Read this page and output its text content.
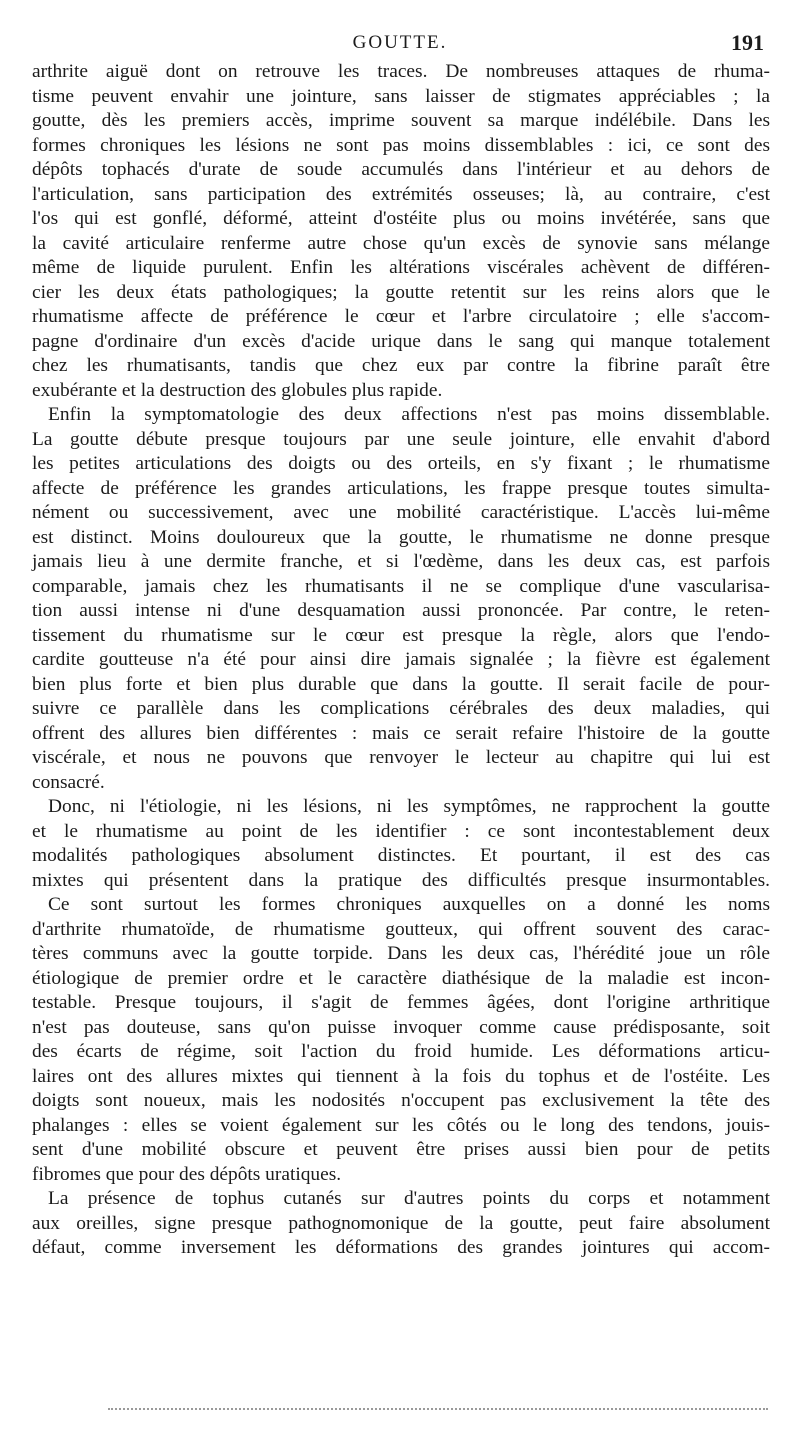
GOUTTE.	191
arthrite aiguë dont on retrouve les traces. De nombreuses attaques de rhuma-
tisme peuvent envahir une jointure, sans laisser de stigmates appréciables ; la
goutte, dès les premiers accès, imprime souvent sa marque indélébile. Dans les
formes chroniques les lésions ne sont pas moins dissemblables : ici, ce sont des
dépôts tophacés d'urate de soude accumulés dans l'intérieur et au dehors de
l'articulation, sans participation des extrémités osseuses; là, au contraire, c'est
l'os qui est gonflé, déformé, atteint d'ostéite plus ou moins invétérée, sans que
la cavité articulaire renferme autre chose qu'un excès de synovie sans mélange
même de liquide purulent. Enfin les altérations viscérales achèvent de différen-
cier les deux états pathologiques; la goutte retentit sur les reins alors que le
rhumatisme affecte de préférence le cœur et l'arbre circulatoire ; elle s'accom-
pagne d'ordinaire d'un excès d'acide urique dans le sang qui manque totalement
chez les rhumatisants, tandis que chez eux par contre la fibrine paraît être
exubérante et la destruction des globules plus rapide.
Enfin la symptomatologie des deux affections n'est pas moins dissemblable.
La goutte débute presque toujours par une seule jointure, elle envahit d'abord
les petites articulations des doigts ou des orteils, en s'y fixant ; le rhumatisme
affecte de préférence les grandes articulations, les frappe presque toutes simulta-
nément ou successivement, avec une mobilité caractéristique. L'accès lui-même
est distinct. Moins douloureux que la goutte, le rhumatisme ne donne presque
jamais lieu à une dermite franche, et si l'œdème, dans les deux cas, est parfois
comparable, jamais chez les rhumatisants il ne se complique d'une vascularisa-
tion aussi intense ni d'une desquamation aussi prononcée. Par contre, le reten-
tissement du rhumatisme sur le cœur est presque la règle, alors que l'endo-
cardite goutteuse n'a été pour ainsi dire jamais signalée ; la fièvre est également
bien plus forte et bien plus durable que dans la goutte. Il serait facile de pour-
suivre ce parallèle dans les complications cérébrales des deux maladies, qui
offrent des allures bien différentes : mais ce serait refaire l'histoire de la goutte
viscérale, et nous ne pouvons que renvoyer le lecteur au chapitre qui lui est
consacré.
Donc, ni l'étiologie, ni les lésions, ni les symptômes, ne rapprochent la goutte
et le rhumatisme au point de les identifier : ce sont incontestablement deux
modalités pathologiques absolument distinctes. Et pourtant, il est des cas
mixtes qui présentent dans la pratique des difficultés presque insurmontables.
Ce sont surtout les formes chroniques auxquelles on a donné les noms
d'arthrite rhumatoïde, de rhumatisme goutteux, qui offrent souvent des carac-
tères communs avec la goutte torpide. Dans les deux cas, l'hérédité joue un rôle
étiologique de premier ordre et le caractère diathésique de la maladie est incon-
testable. Presque toujours, il s'agit de femmes âgées, dont l'origine arthritique
n'est pas douteuse, sans qu'on puisse invoquer comme cause prédisposante, soit
des écarts de régime, soit l'action du froid humide. Les déformations articu-
laires ont des allures mixtes qui tiennent à la fois du tophus et de l'ostéite. Les
doigts sont noueux, mais les nodosités n'occupent pas exclusivement la tête des
phalanges : elles se voient également sur les côtés ou le long des tendons, jouis-
sent d'une mobilité obscure et peuvent être prises aussi bien pour de petits
fibromes que pour des dépôts uratiques.
La présence de tophus cutanés sur d'autres points du corps et notamment
aux oreilles, signe presque pathognomonique de la goutte, peut faire absolument
défaut, comme inversement les déformations des grandes jointures qui accom-
